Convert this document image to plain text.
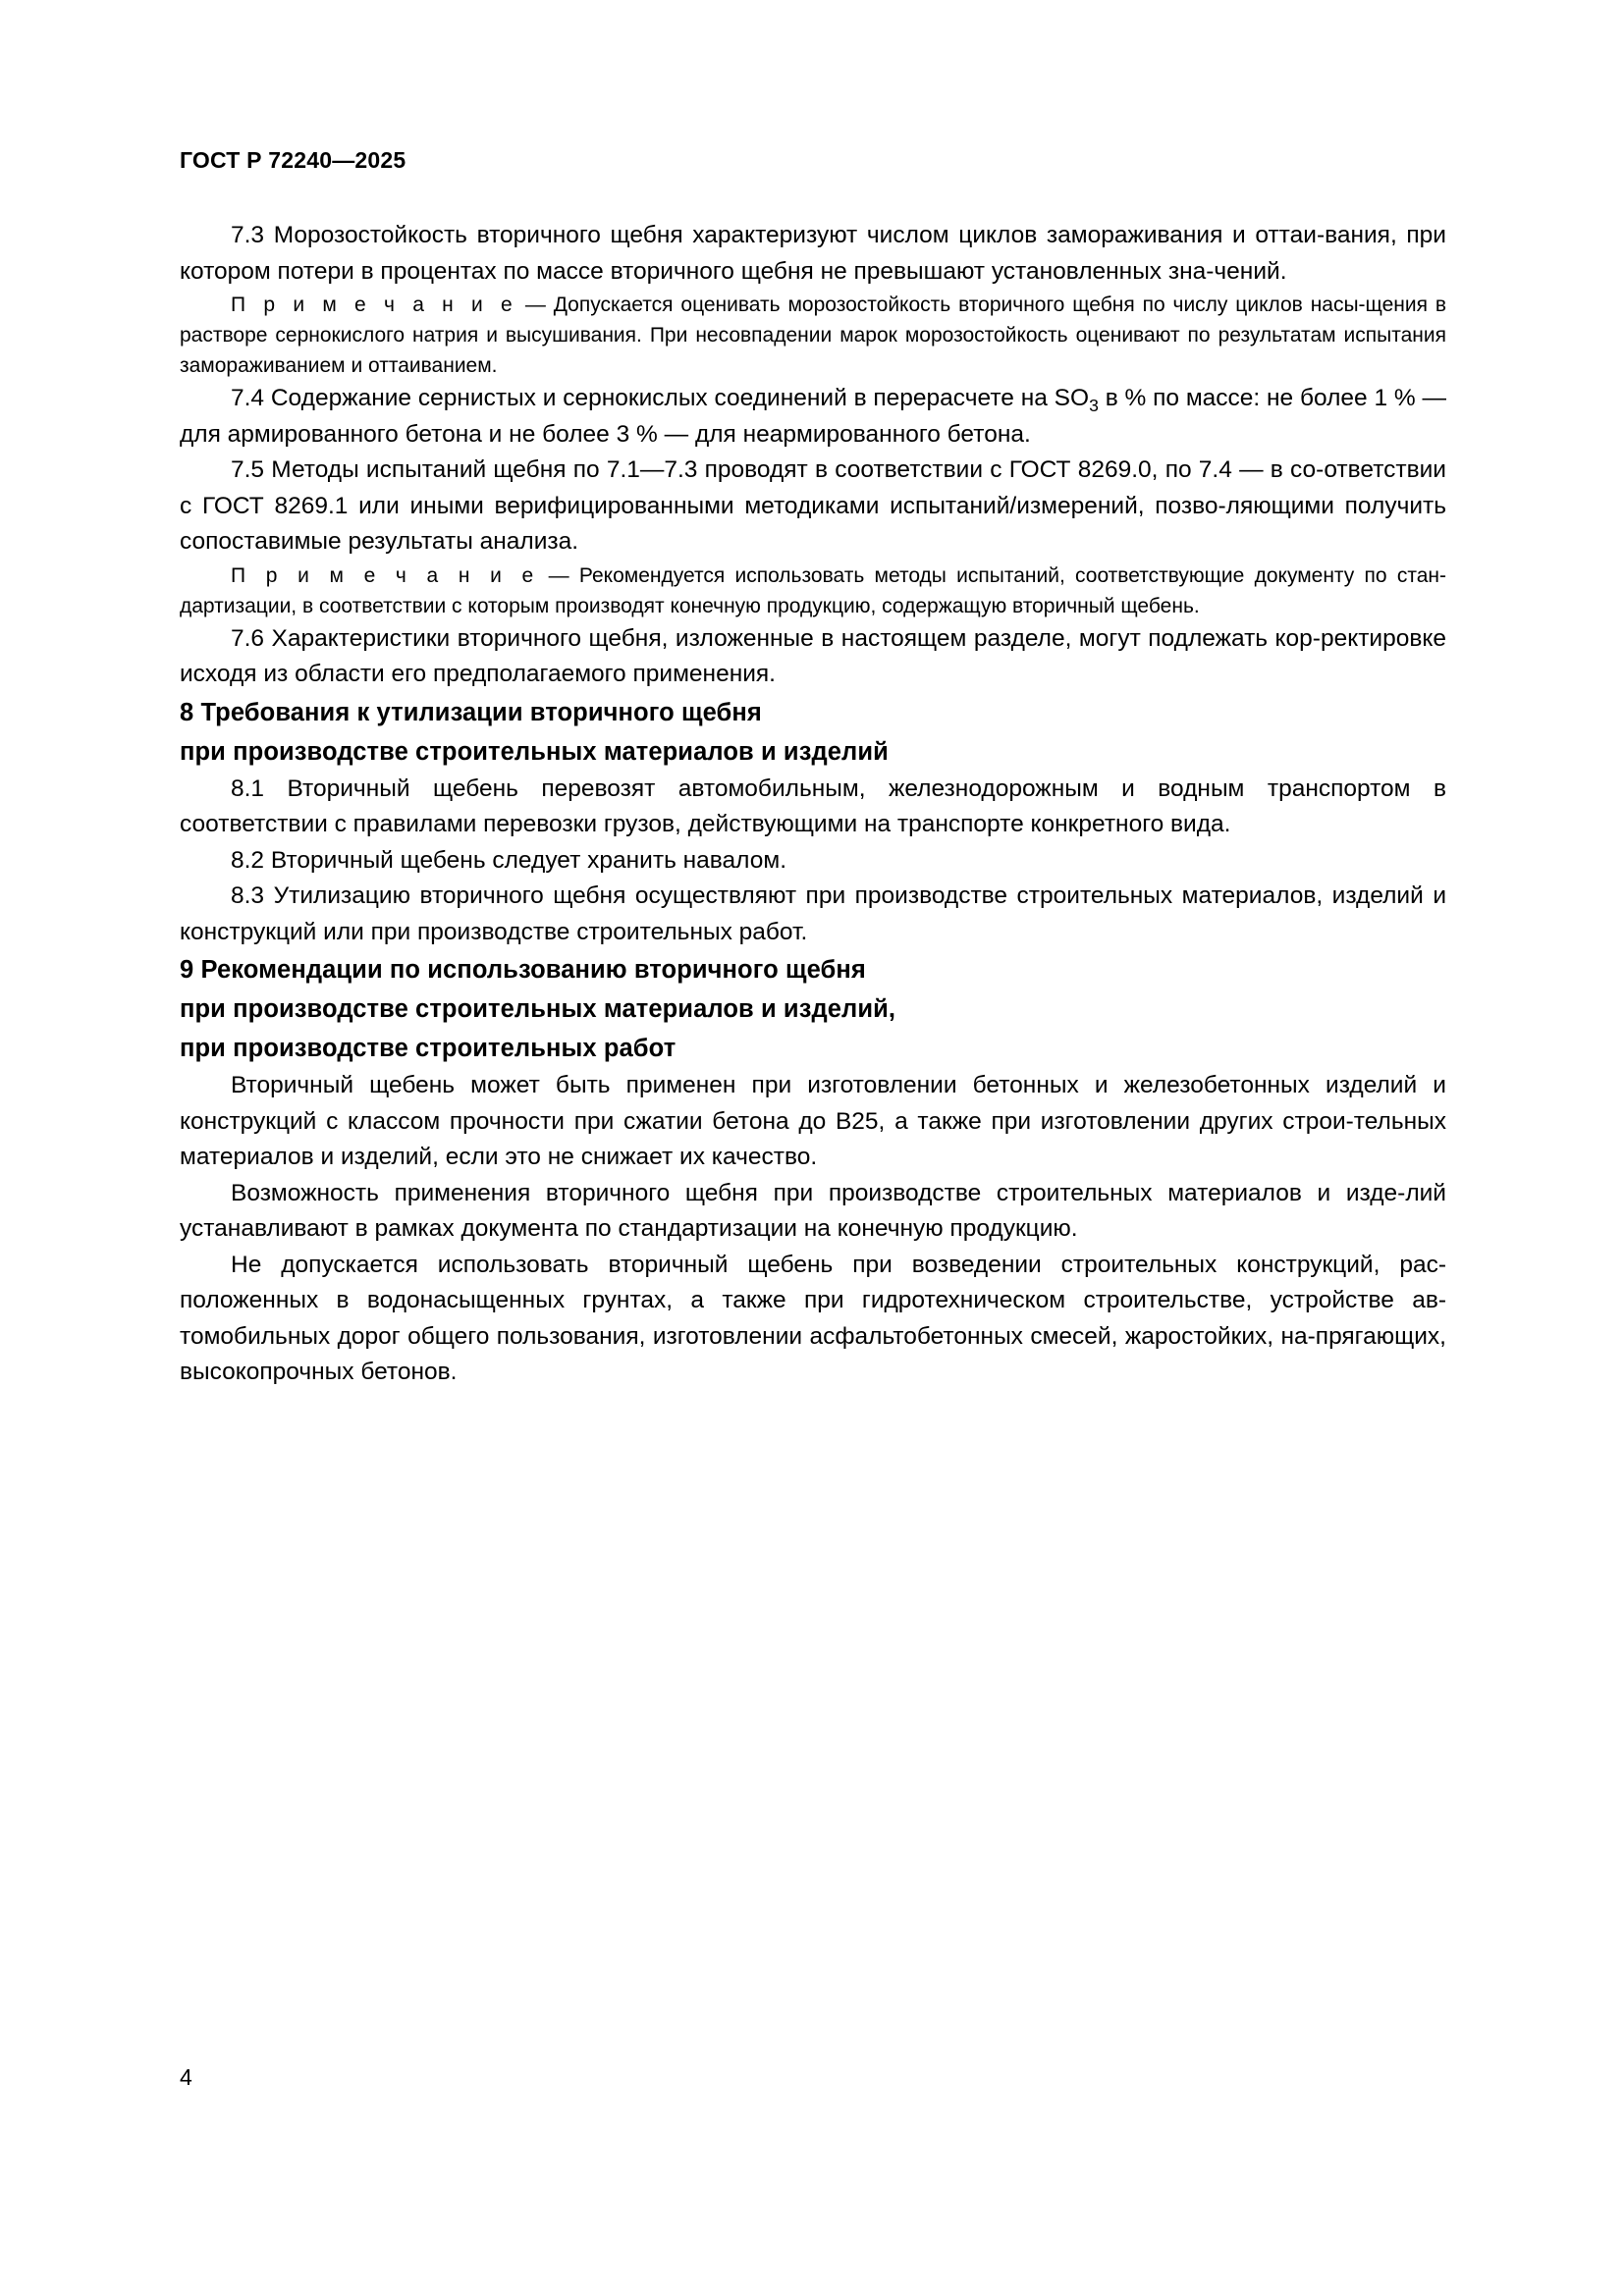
ГОСТ Р 72240—2025

7.3 Морозостойкость вторичного щебня характеризуют числом циклов замораживания и оттаи-вания, при котором потери в процентах по массе вторичного щебня не превышают установленных зна-чений.

П р и м е ч а н и е — Допускается оценивать морозостойкость вторичного щебня по числу циклов насы-щения в растворе сернокислого натрия и высушивания. При несовпадении марок морозостойкость оценивают по результатам испытания замораживанием и оттаиванием.

7.4 Содержание сернистых и сернокислых соединений в перерасчете на $SO_3$ в % по массе: не более 1 % — для армированного бетона и не более 3 % — для неармированного бетона.

7.5 Методы испытаний щебня по 7.1—7.3 проводят в соответствии с ГОСТ 8269.0, по 7.4 — в со-ответствии с ГОСТ 8269.1 или иными верифицированными методиками испытаний/измерений, позво-ляющими получить сопоставимые результаты анализа.

П р и м е ч а н и е — Рекомендуется использовать методы испытаний, соответствующие документу по стан-дартизации, в соответствии с которым производят конечную продукцию, содержащую вторичный щебень.

7.6 Характеристики вторичного щебня, изложенные в настоящем разделе, могут подлежать кор-ректировке исходя из области его предполагаемого применения.

8 Требования к утилизации вторичного щебня
при производстве строительных материалов и изделий

8.1 Вторичный щебень перевозят автомобильным, железнодорожным и водным транспортом в соответствии с правилами перевозки грузов, действующими на транспорте конкретного вида.

8.2 Вторичный щебень следует хранить навалом.

8.3 Утилизацию вторичного щебня осуществляют при производстве строительных материалов, изделий и конструкций или при производстве строительных работ.

9 Рекомендации по использованию вторичного щебня
при производстве строительных материалов и изделий,
при производстве строительных работ

Вторичный щебень может быть применен при изготовлении бетонных и железобетонных изделий и конструкций с классом прочности при сжатии бетона до В25, а также при изготовлении других строи-тельных материалов и изделий, если это не снижает их качество.

Возможность применения вторичного щебня при производстве строительных материалов и изде-лий устанавливают в рамках документа по стандартизации на конечную продукцию.

Не допускается использовать вторичный щебень при возведении строительных конструкций, рас-положенных в водонасыщенных грунтах, а также при гидротехническом строительстве, устройстве ав-томобильных дорог общего пользования, изготовлении асфальтобетонных смесей, жаростойких, на-прягающих, высокопрочных бетонов.

4
